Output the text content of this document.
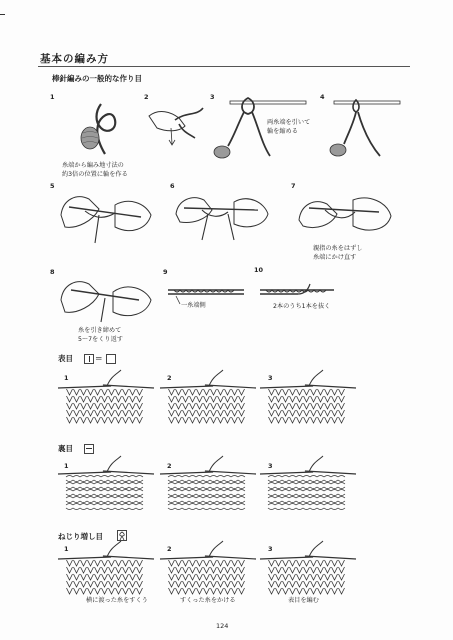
基本の編み方
棒針編みの一般的な作り目
1
糸端から編み地寸法の
約3倍の位置に輪を作る
2	3
両糸端を引いて
輪を縮める
4
5	6	7
親指の糸をはずし
糸端にかけ直す
8
糸を引き締めて
5〜7をくり返す
9
一糸端側
10
2本のうち1本を抜く
表目	＝
1	2	3
裏目
1	2	3
ねじり増し目
1	2	3
横に渡った糸をすくう	すくった糸をかける	表目を編む
124
